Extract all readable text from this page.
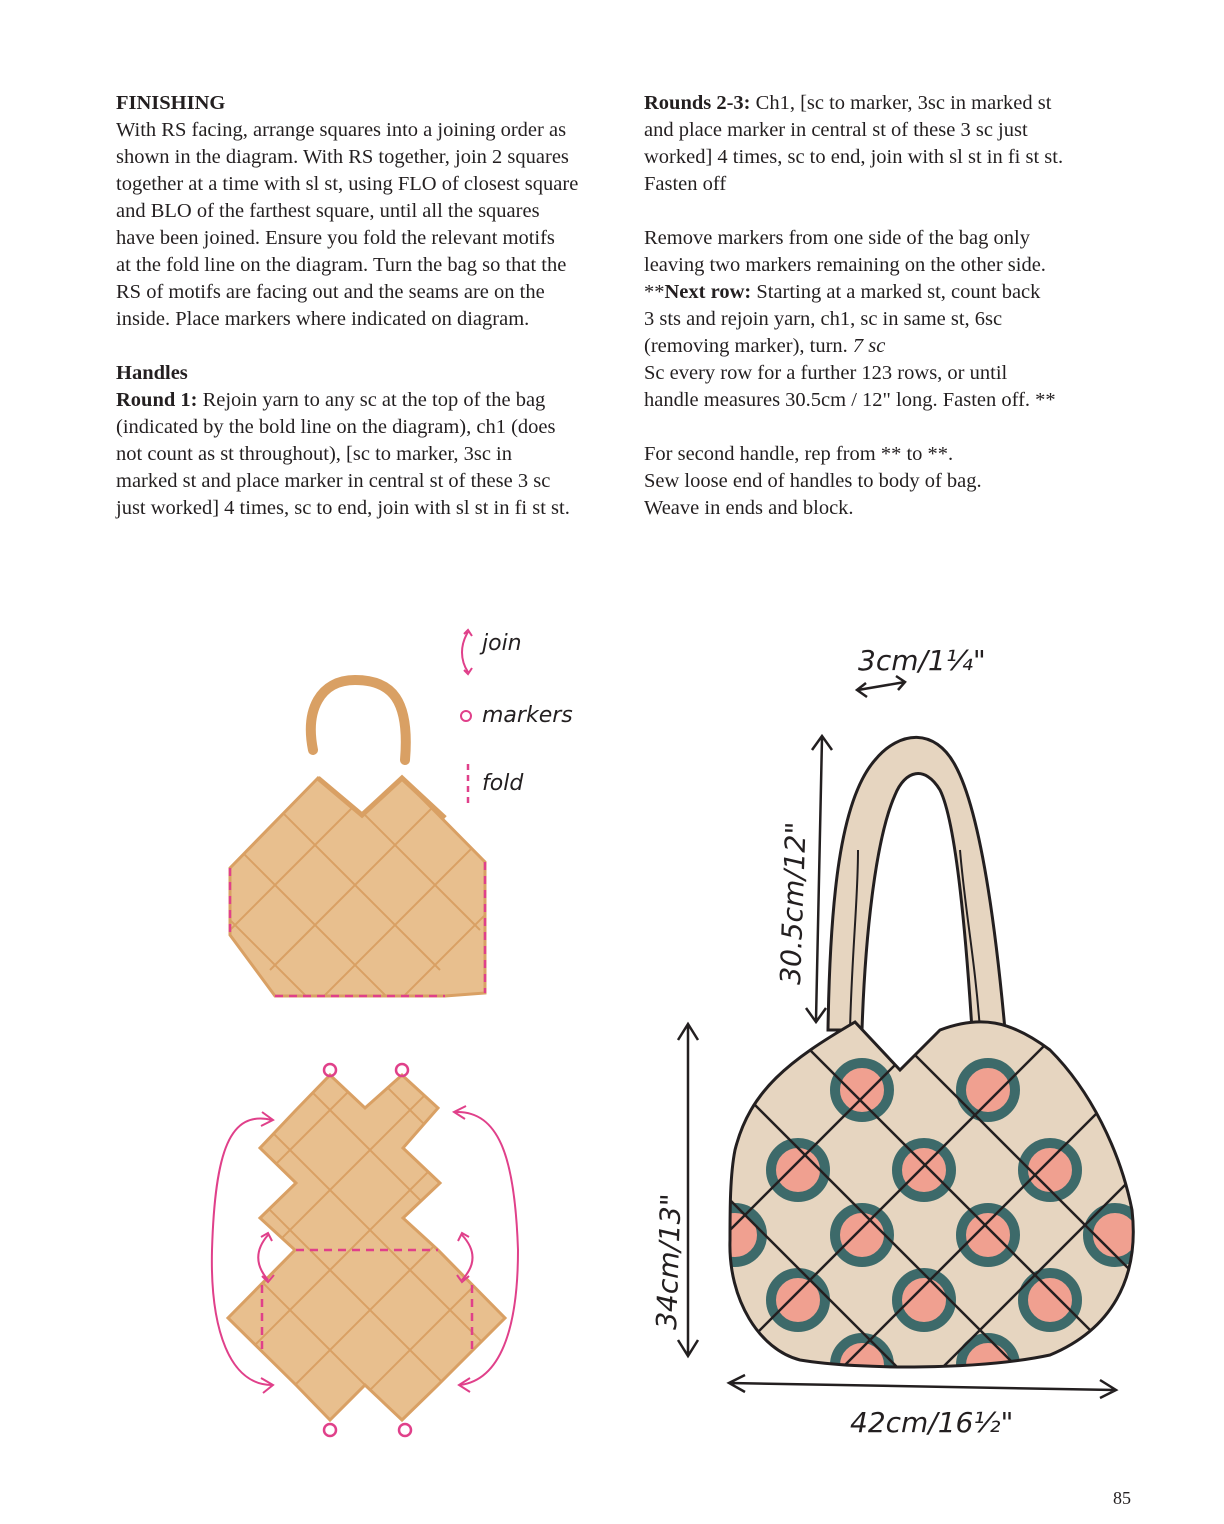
FINISHING

With RS facing, arrange squares into a joining order as

shown in the diagram. With RS together, join 2 squares

together at a time with sl st, using FLO of closest square

and BLO of the farthest square, until all the squares

have been joined. Ensure you fold the relevant motifs

at the fold line on the diagram. Turn the bag so that the

RS of motifs are facing out and the seams are on the

inside. Place markers where indicated on diagram.

Handles

Round 1: Rejoin yarn to any sc at the top of the bag

(indicated by the bold line on the diagram), ch1 (does

not count as st throughout), [sc to marker, 3sc in

marked st and place marker in central st of these 3 sc

just worked] 4 times, sc to end, join with sl st in fi st st.

Rounds 2-3: Ch1, [sc to marker, 3sc in marked st

and place marker in central st of these 3 sc just

worked] 4 times, sc to end, join with sl st in fi st st.

Fasten off

Remove markers from one side of the bag only

leaving two markers remaining on the other side.

**Next row: Starting at a marked st, count back

3 sts and rejoin yarn, ch1, sc in same st, 6sc

(removing marker), turn. 7 sc

Sc every row for a further 123 rows, or until

handle measures 30.5cm / 12" long. Fasten off. **

For second handle, rep from ** to **.

Sew loose end of handles to body of bag.

Weave in ends and block.

join
markers
fold
3cm/1¼"
30.5cm/12"
34cm/13"
42cm/16½"
85
